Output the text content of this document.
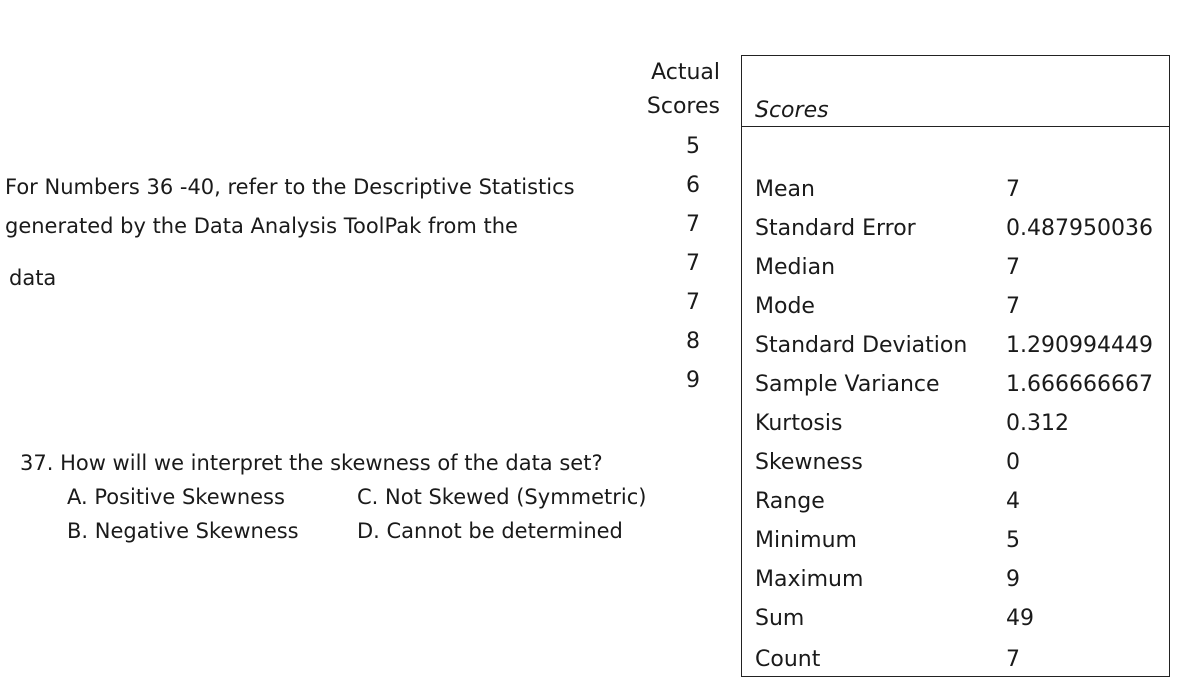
For Numbers 36 -40, refer to the Descriptive Statistics
generated by the Data Analysis ToolPak from the
data
Actual
Scores
5
6
7
7
7
8
9
Scores
Mean	7
Standard Error	0.487950036
Median	7
Mode	7
Standard Deviation 1.290994449
Sample Variance	1.666666667
Kurtosis	0.312
Skewness	0
Range	4
Minimum	5
Maximum	9
Sum	49
Count	7
37. How will we interpret the skewness of the data set?
A. Positive Skewness	C. Not Skewed (Symmetric)
B. Negative Skewness	D. Cannot be determined
